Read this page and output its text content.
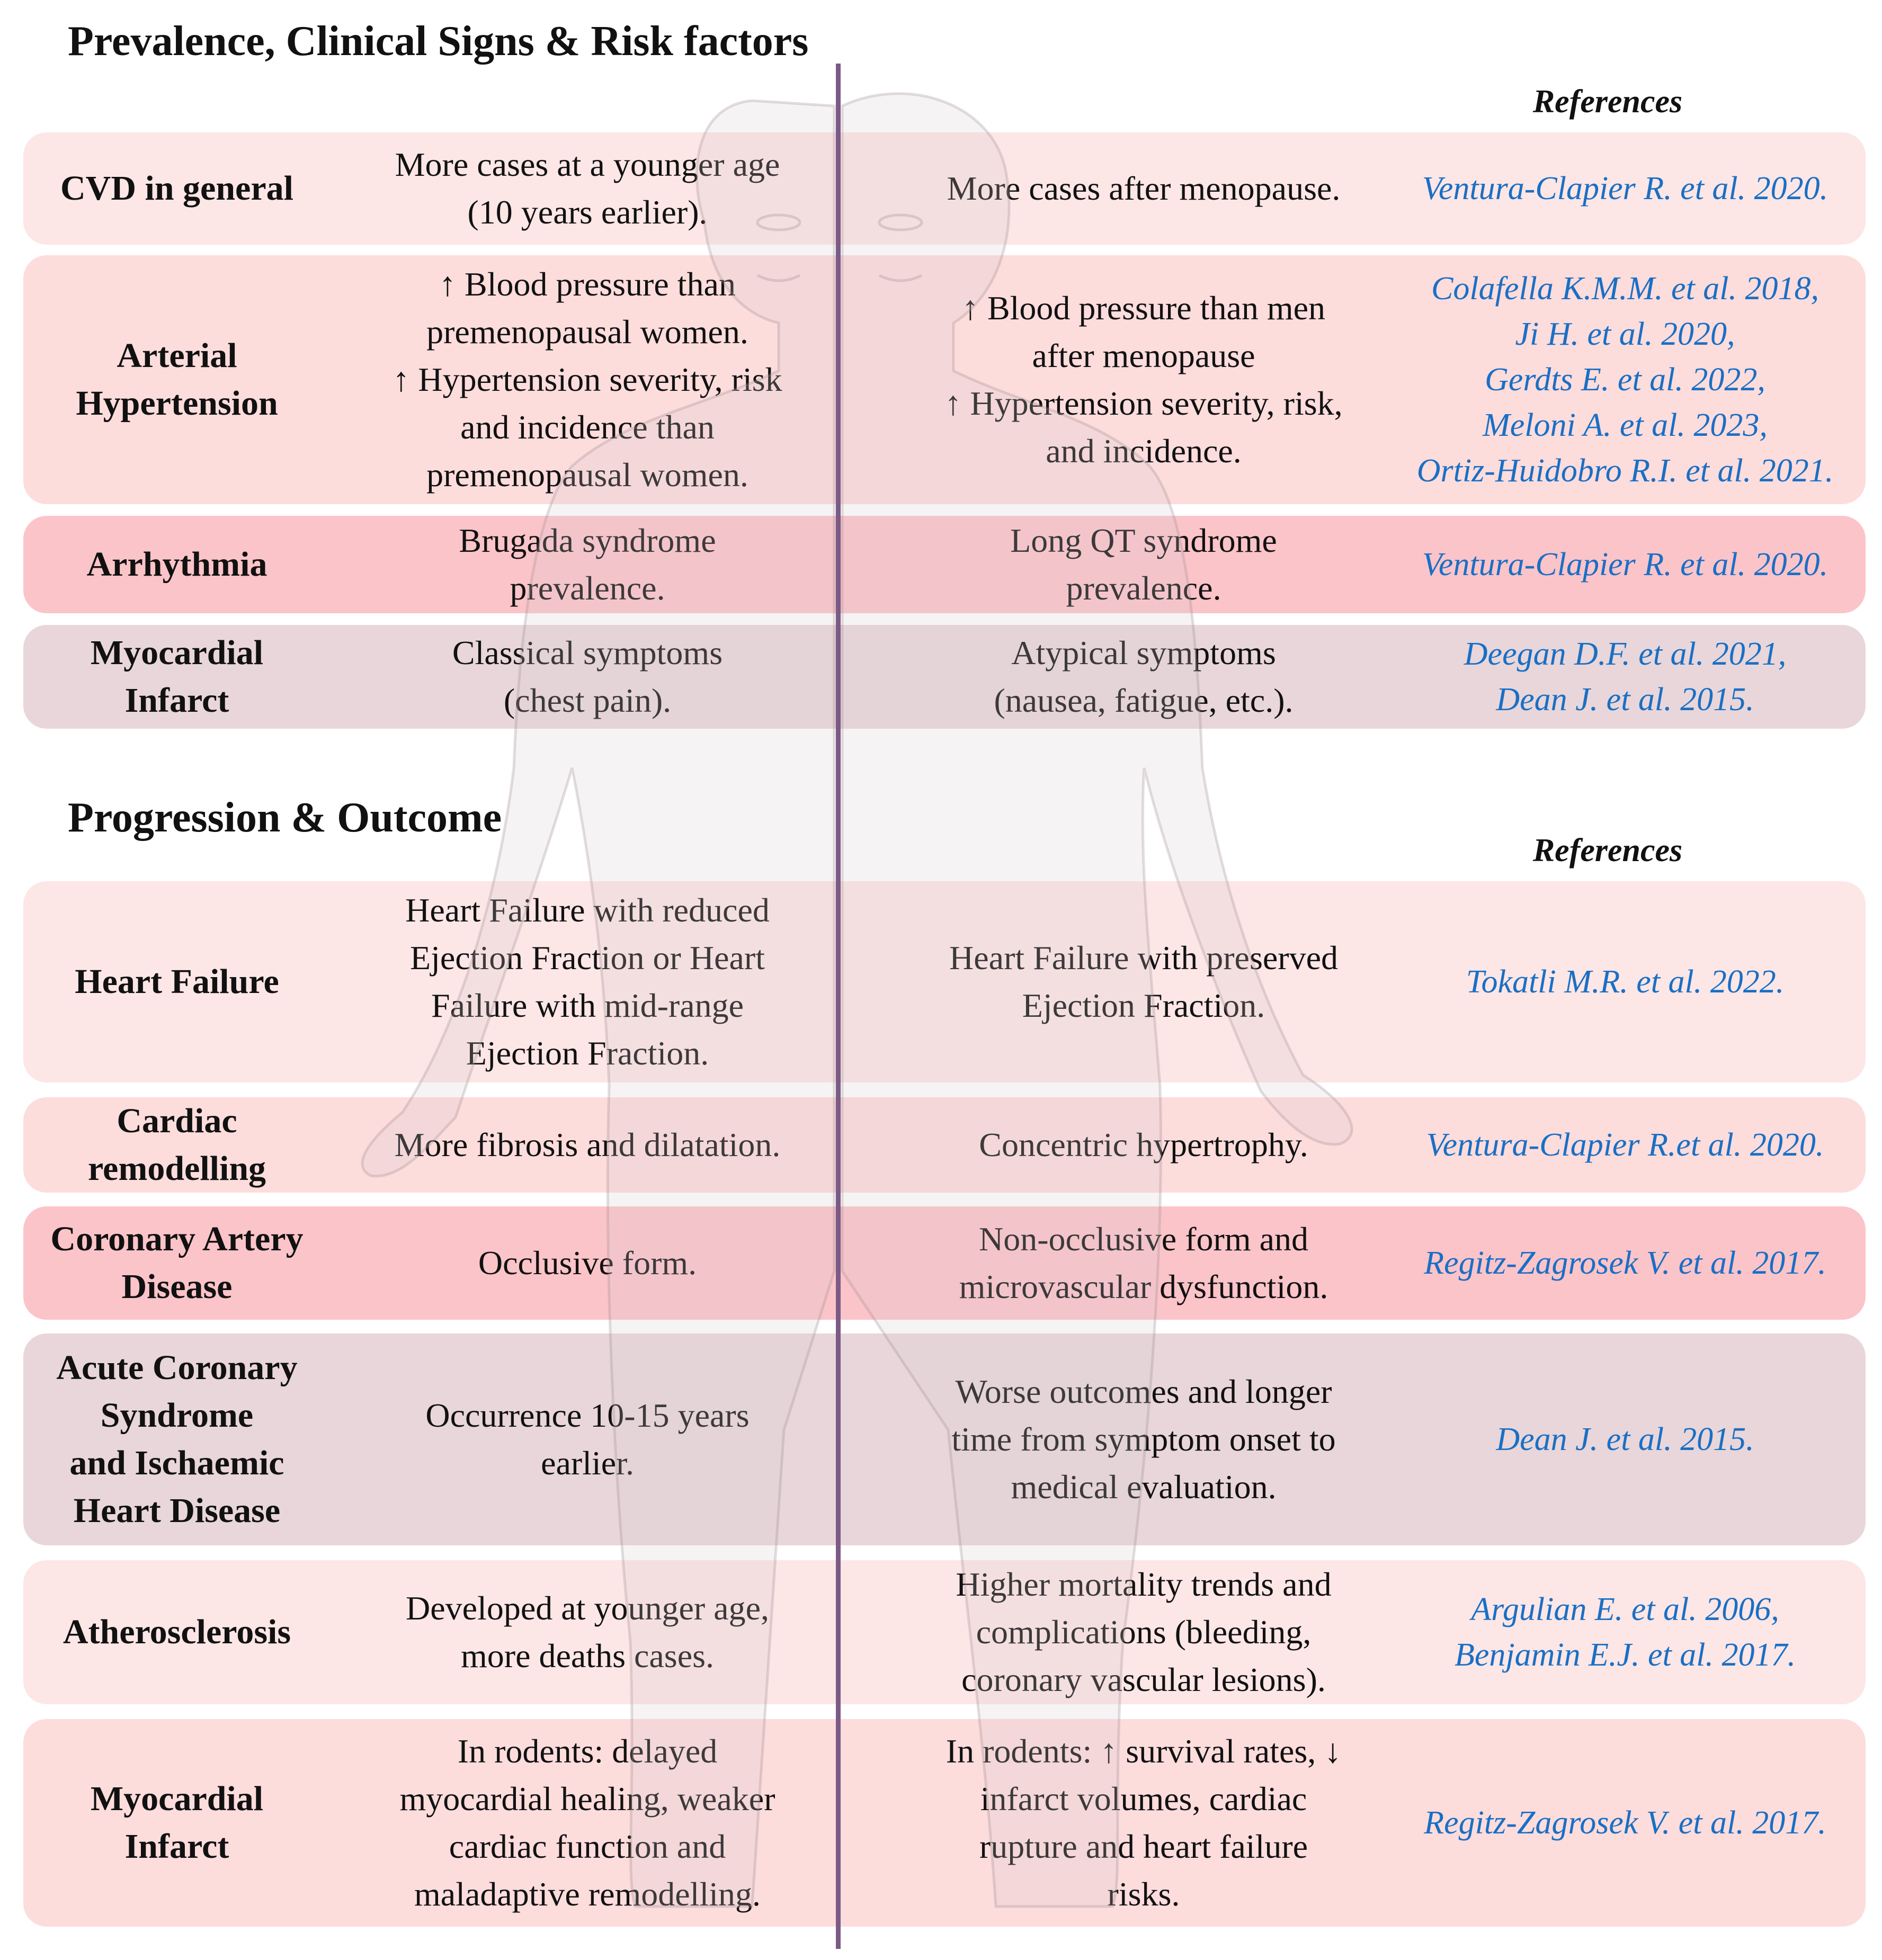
Prevalence, Clinical Signs & Risk factors
References
CVD in general
More cases at a younger age
(10 years earlier).
More cases after menopause. Ventura-Clapier R. et al. 2020.
Arterial
Hypertension
↑ Blood pressure than
premenopausal women.
↑ Hypertension severity, risk
and incidence than
premenopausal women.
↑ Blood pressure than men
after menopause
↑ Hypertension severity, risk,
and incidence.
Colafella K.M.M. et al. 2018,
Ji H. et al. 2020,
Gerdts E. et al. 2022,
Meloni A. et al. 2023,
Ortiz-Huidobro R.I. et al. 2021.
Arrhythmia
Brugada syndrome
prevalence.
Long QT syndrome
prevalence.
Ventura-Clapier R. et al. 2020.
Myocardial
Infarct
Classical symptoms
(chest pain).
Atypical symptoms
(nausea, fatigue, etc.).
Deegan D.F. et al. 2021,
Dean J. et al. 2015.
Progression & Outcome
References
Heart Failure
Heart Failure with reduced
Ejection Fraction or Heart
Failure with mid-range
Ejection Fraction.
Heart Failure with preserved
Ejection Fraction.
Tokatli M.R. et al. 2022.
Cardiac
remodelling
More fibrosis and dilatation.	Concentric hypertrophy.	Ventura-Clapier R.et al. 2020.
Coronary Artery
Disease
Occlusive form.
Non-occlusive form and
microvascular dysfunction.
Regitz-Zagrosek V. et al. 2017.
Acute Coronary
Syndrome
and Ischaemic
Heart Disease
Occurrence 10-15 years
earlier.
Worse outcomes and longer
time from symptom onset to
medical evaluation.
Dean J. et al. 2015.
Atherosclerosis
Developed at younger age,
more deaths cases.
Higher mortality trends and
complications (bleeding,
coronary vascular lesions).
Argulian E. et al. 2006,
Benjamin E.J. et al. 2017.
Myocardial
Infarct
In rodents: delayed
myocardial healing, weaker
cardiac function and
maladaptive remodelling.
In rodents: ↑ survival rates, ↓
infarct volumes, cardiac
rupture and heart failure
risks.
Regitz-Zagrosek V. et al. 2017.
